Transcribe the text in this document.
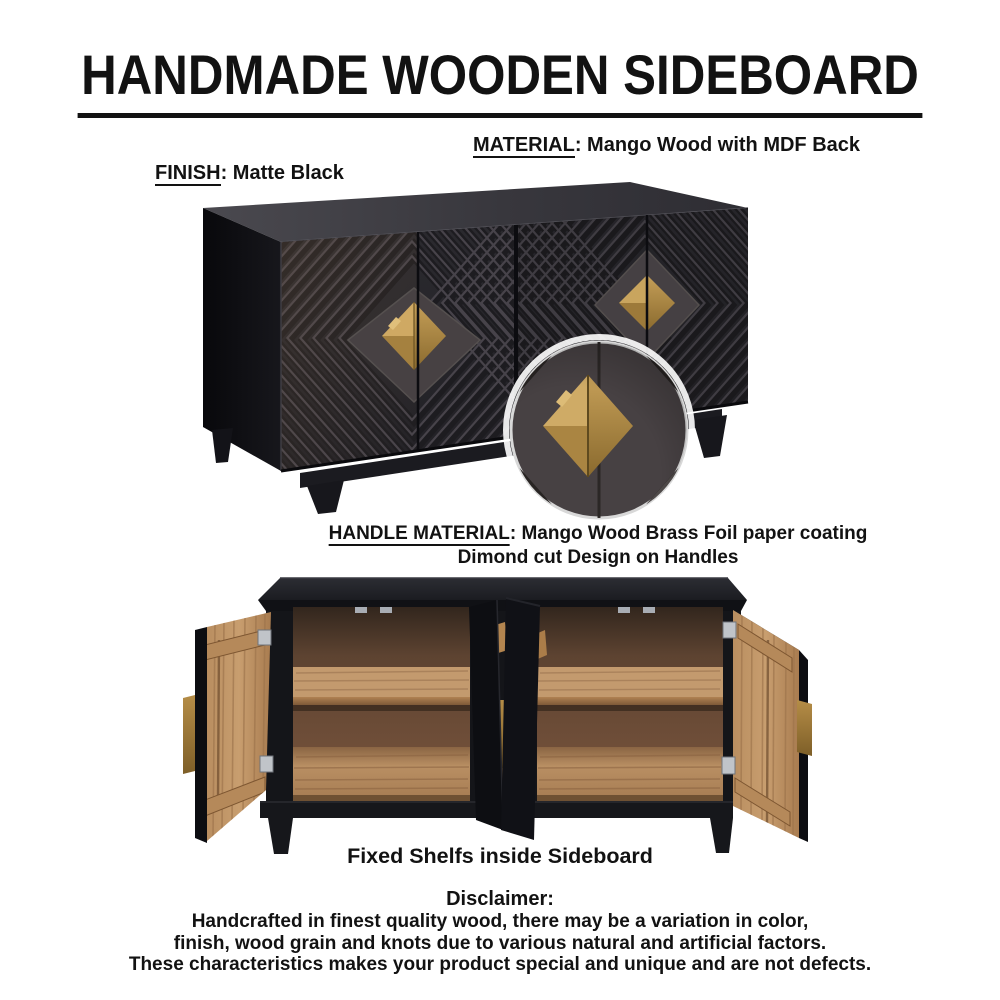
HANDMADE WOODEN SIDEBOARD
MATERIAL: Mango Wood with MDF Back
FINISH: Matte Black
HANDLE MATERIAL: Mango Wood Brass Foil paper coating
Dimond cut Design on Handles
Fixed Shelfs inside Sideboard
Disclaimer:
Handcrafted in finest quality wood, there may be a variation in color,
finish, wood grain and knots due to various natural and artificial factors.
These characteristics makes your product special and unique and are not defects.
